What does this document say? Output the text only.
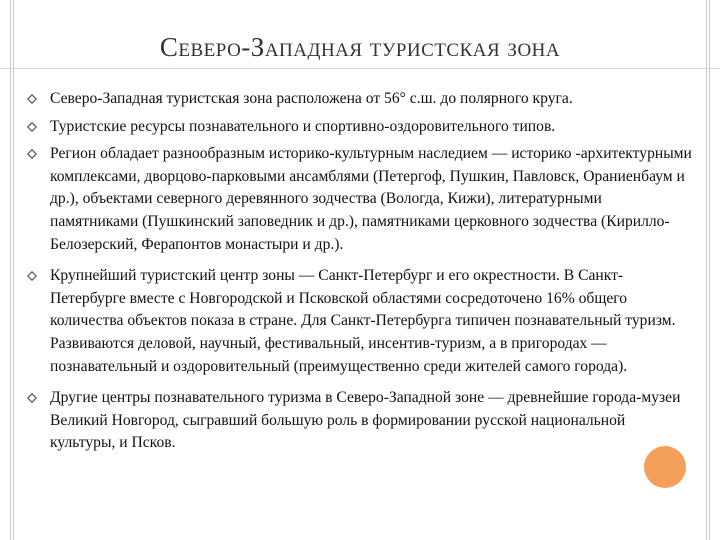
Северо-Западная туристская зона
Северо-Западная туристская зона расположена от 56° с.ш. до полярного круга.
Туристские ресурсы познавательного и спортивно-оздоровительного типов.
Регион обладает разнообразным историко-культурным наследием — историко -архитектурными комплексами, дворцово-парковыми ансамблями (Петергоф, Пушкин, Павловск, Ораниенбаум и др.), объектами северного деревянного зодчества (Вологда, Кижи), литературными памятниками (Пушкинский заповедник и др.), памятниками церковного зодчества (Кирилло-Белозерский, Ферапонтов монастыри и др.).
Крупнейший туристский центр зоны — Санкт-Петербург и его окрестности. В Санкт-Петербурге вместе с Новгородской и Псковской областями сосредоточено 16% общего количества объектов показа в стране. Для Санкт-Петербурга типичен познавательный туризм. Развиваются деловой, научный, фестивальный, инсентив-туризм, а в пригородах — познавательный и оздоровительный (преимущественно среди жителей самого города).
Другие центры познавательного туризма в Северо-Западной зоне — древнейшие города-музеи Великий Новгород, сыгравший большую роль в формировании русской национальной культуры, и Псков.
